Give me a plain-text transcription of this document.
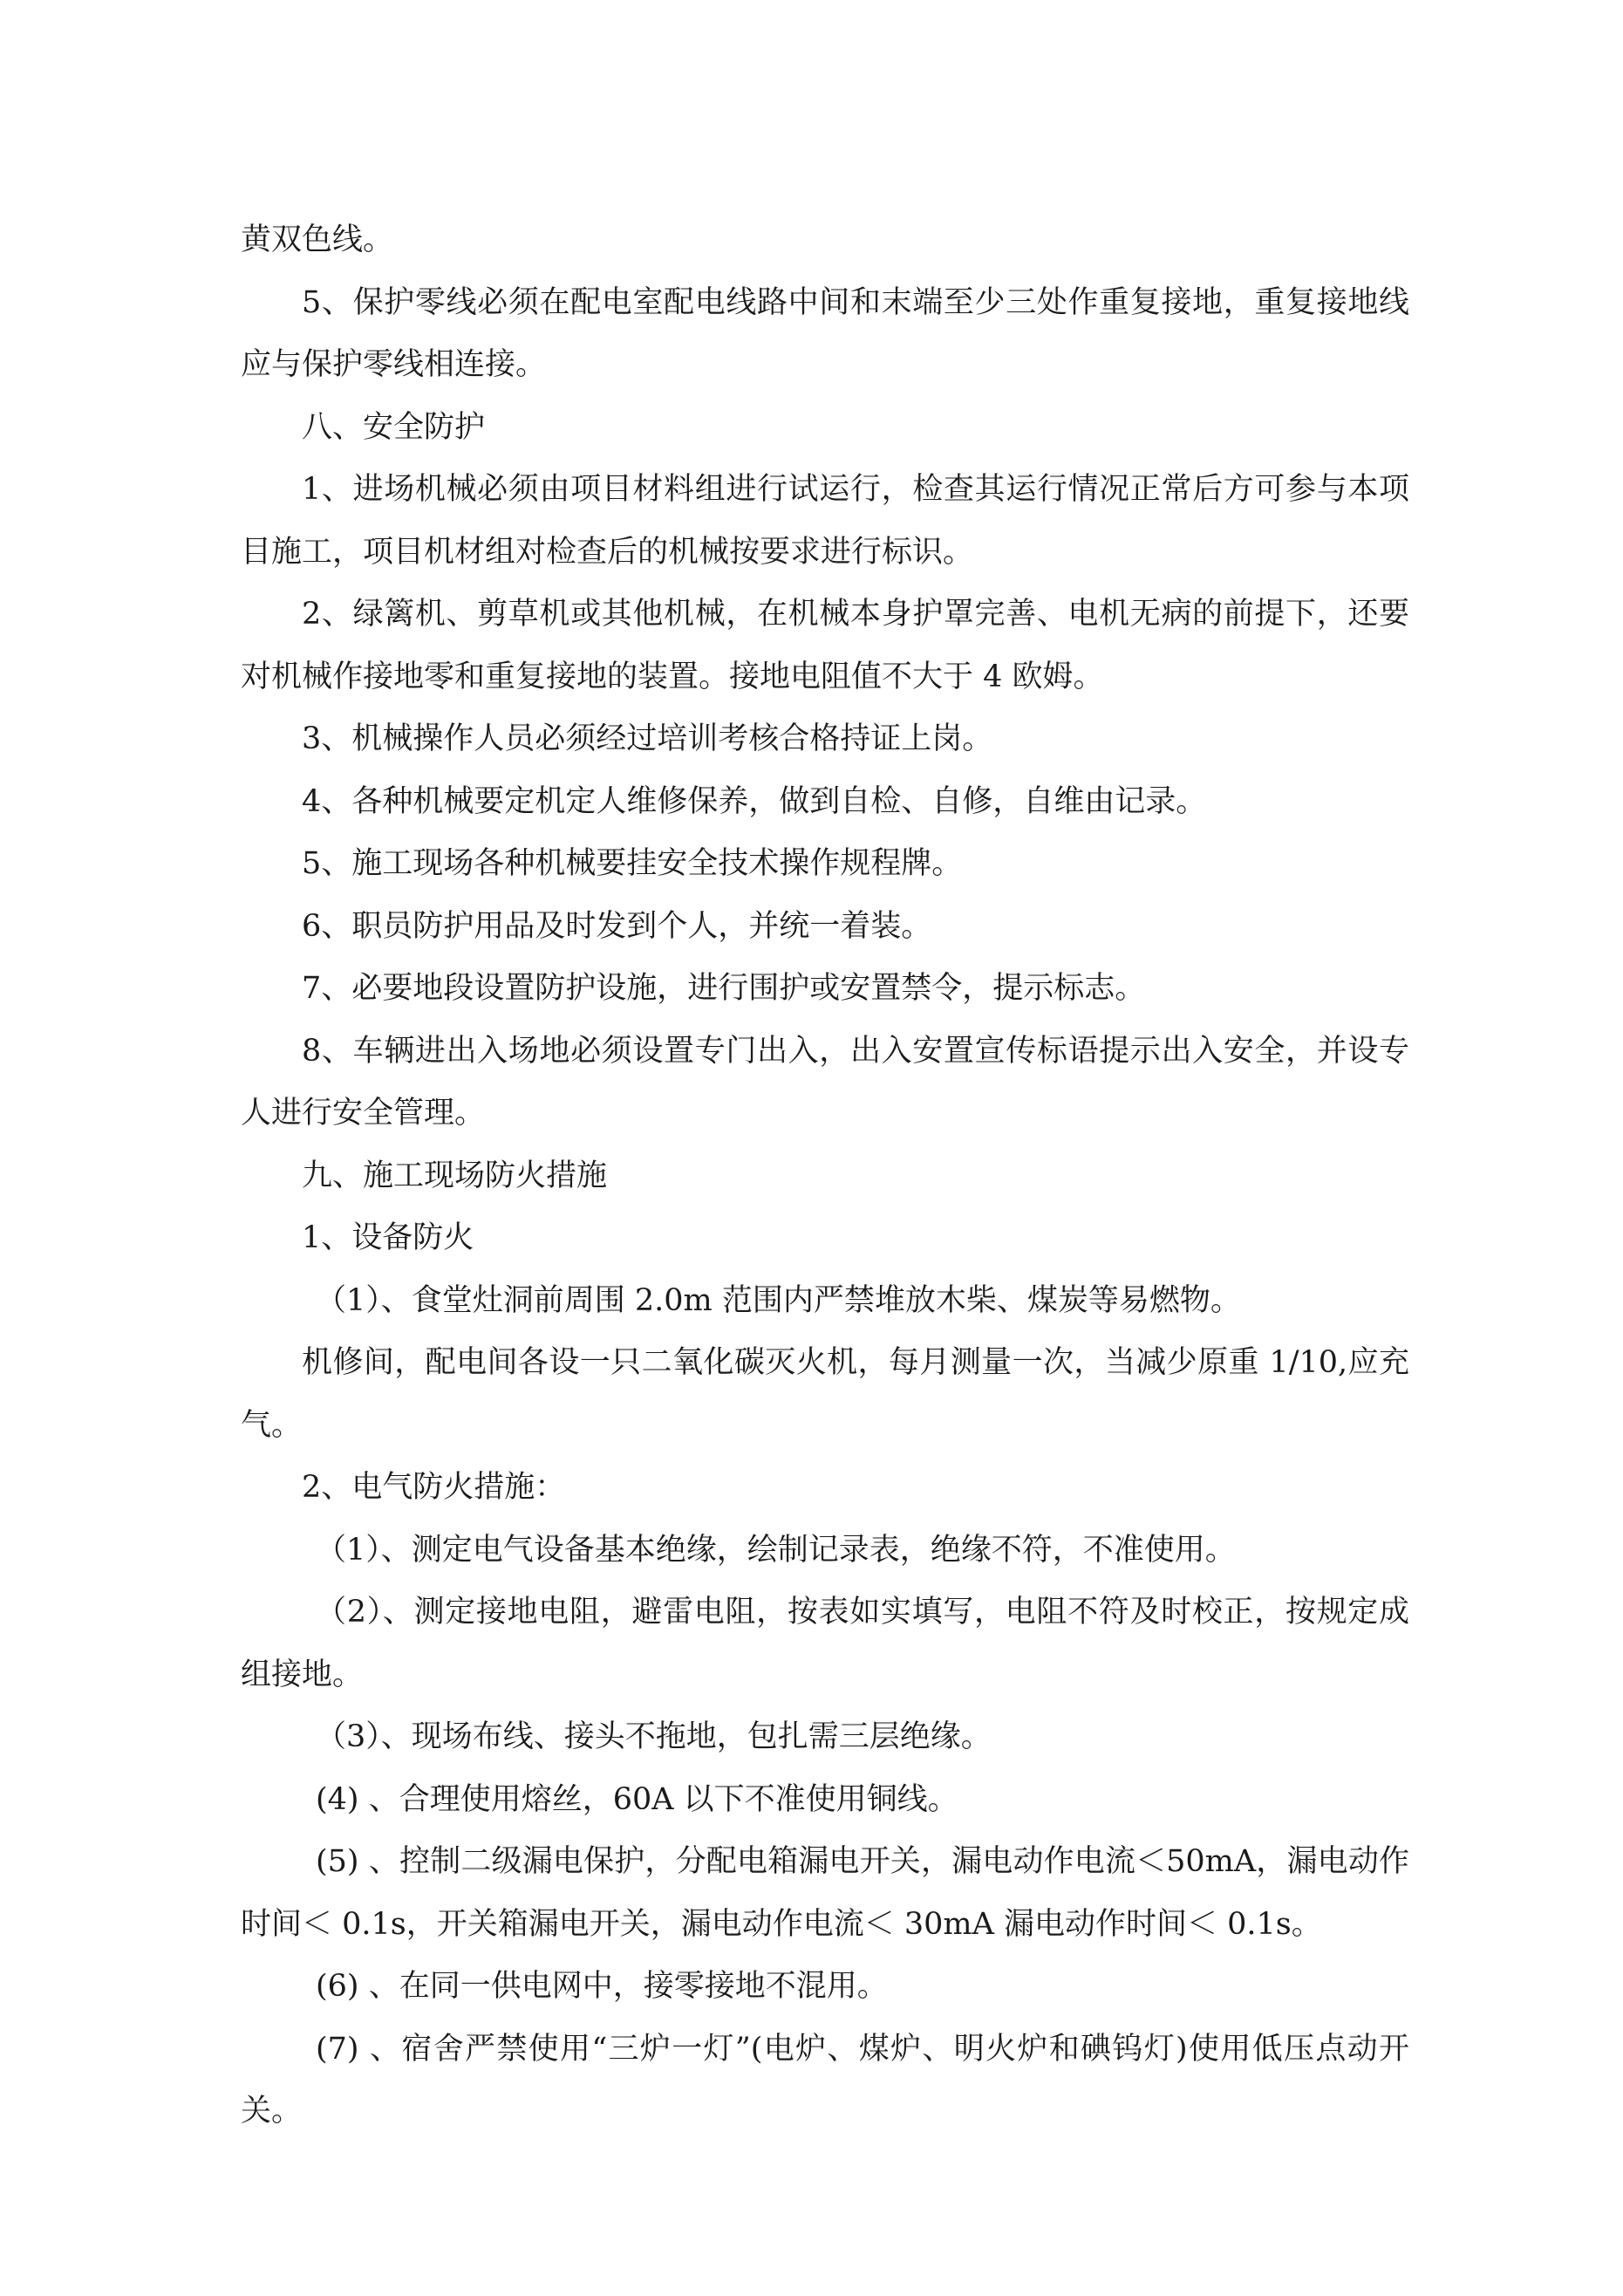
黄双色线。

5、保护零线必须在配电室配电线路中间和末端至少三处作重复接地，重复接地线应与保护零线相连接。

八、安全防护

1、进场机械必须由项目材料组进行试运行，检查其运行情况正常后方可参与本项目施工，项目机材组对检查后的机械按要求进行标识。

2、绿篱机、剪草机或其他机械，在机械本身护罩完善、电机无病的前提下，还要对机械作接地零和重复接地的装置。接地电阻值不大于 4 欧姆。

3、机械操作人员必须经过培训考核合格持证上岗。

4、各种机械要定机定人维修保养，做到自检、自修，自维由记录。

5、施工现场各种机械要挂安全技术操作规程牌。

6、职员防护用品及时发到个人，并统一着装。

7、必要地段设置防护设施，进行围护或安置禁令，提示标志。

8、车辆进出入场地必须设置专门出入，出入安置宣传标语提示出入安全，并设专人进行安全管理。

九、施工现场防火措施

1、设备防火

（1）、食堂灶洞前周围 2.0m 范围内严禁堆放木柴、煤炭等易燃物。

机修间，配电间各设一只二氧化碳灭火机，每月测量一次，当减少原重 1/10,应充气。

2、电气防火措施：

（1）、测定电气设备基本绝缘，绘制记录表，绝缘不符，不准使用。

（2）、测定接地电阻，避雷电阻，按表如实填写，电阻不符及时校正，按规定成组接地。

（3）、现场布线、接头不拖地，包扎需三层绝缘。

(4) 、合理使用熔丝，60A 以下不准使用铜线。

(5) 、控制二级漏电保护，分配电箱漏电开关，漏电动作电流＜50mA，漏电动作时间＜ 0.1s，开关箱漏电开关，漏电动作电流＜ 30mA 漏电动作时间＜ 0.1s。

(6) 、在同一供电网中，接零接地不混用。

(7) 、宿舍严禁使用“三炉一灯”(电炉、煤炉、明火炉和碘钨灯)使用低压点动开关。
